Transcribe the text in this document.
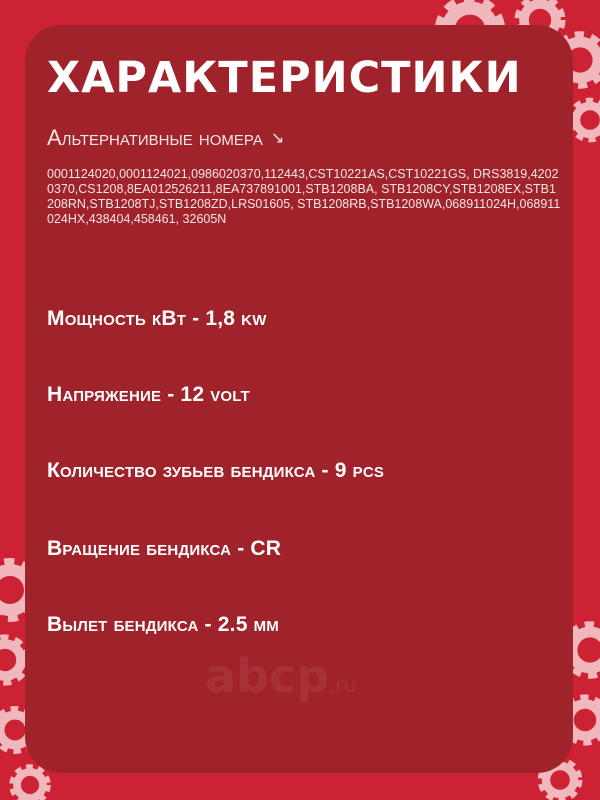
ХАРАКТЕРИСТИКИ
Альтернативные номера ↘
0001124020,0001124021,0986020370,112443,CST10221AS,CST10221GS, DRS3819,42020370,CS1208,8EA012526211,8EA737891001,STB1208BA, STB1208CY,STB1208EX,STB1208RN,STB1208TJ,STB1208ZD,LRS01605, STB1208RB,STB1208WA,068911024H,068911024HX,438404,458461, 32605N
Мощность кВт - 1,8 kw
Напряжение - 12 volt
Количество зубьев бендикса - 9 pcs
Вращение бендикса - CR
Вылет бендикса - 2.5 мм
abcp .ru
